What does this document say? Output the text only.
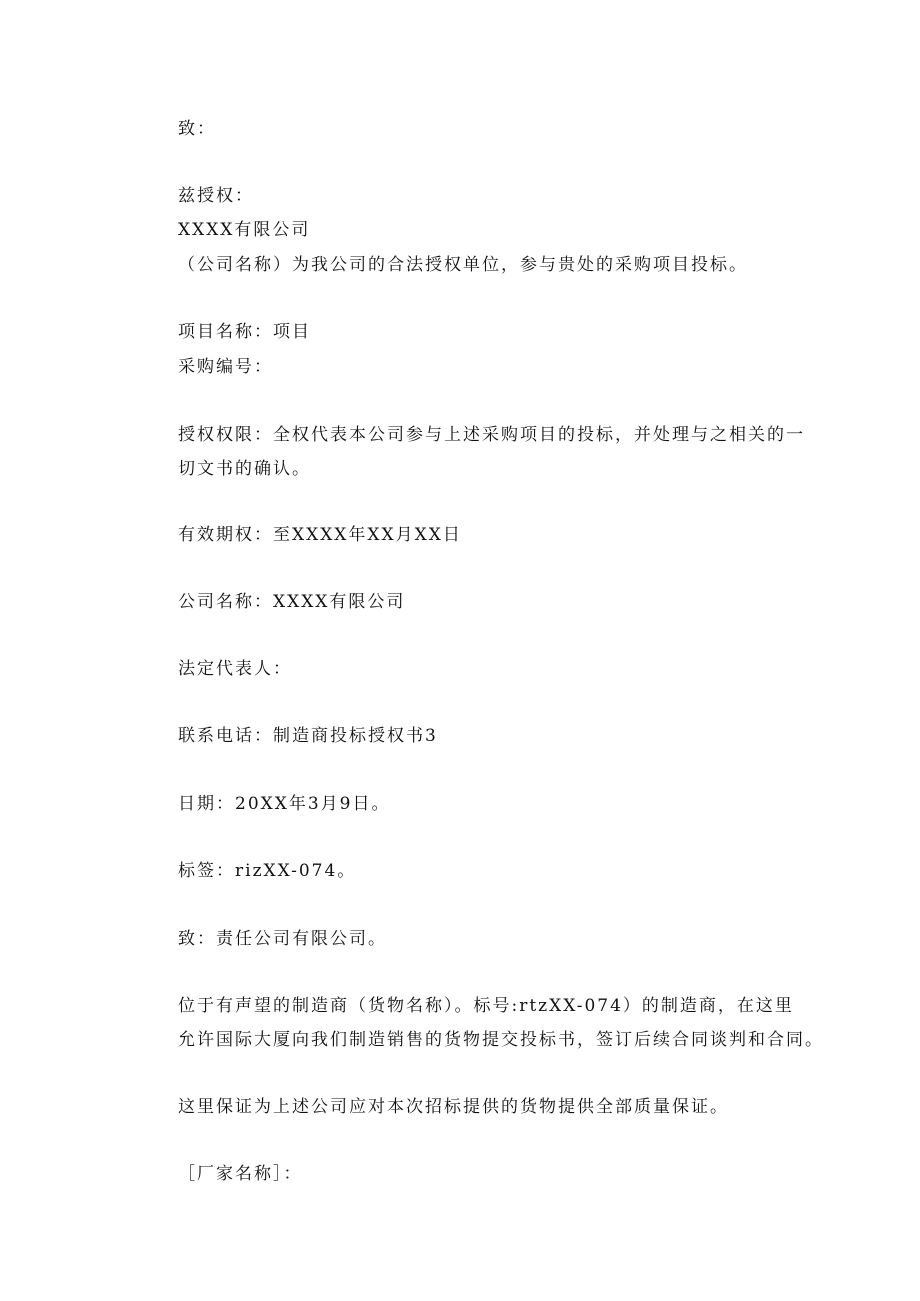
致：
兹授权：
XXXX有限公司
（公司名称）为我公司的合法授权单位，参与贵处的采购项目投标。
项目名称：项目
采购编号：
授权权限：全权代表本公司参与上述采购项目的投标，并处理与之相关的一
切文书的确认。
有效期权：至XXXX年XX月XX日
公司名称：XXXX有限公司
法定代表人：
联系电话：制造商投标授权书3
日期：20XX年3月9日。
标签：rizXX-074。
致：责任公司有限公司。
位于有声望的制造商（货物名称）。标号:rtzXX-074）的制造商，在这里
允许国际大厦向我们制造销售的货物提交投标书，签订后续合同谈判和合同。
这里保证为上述公司应对本次招标提供的货物提供全部质量保证。
［厂家名称］：
